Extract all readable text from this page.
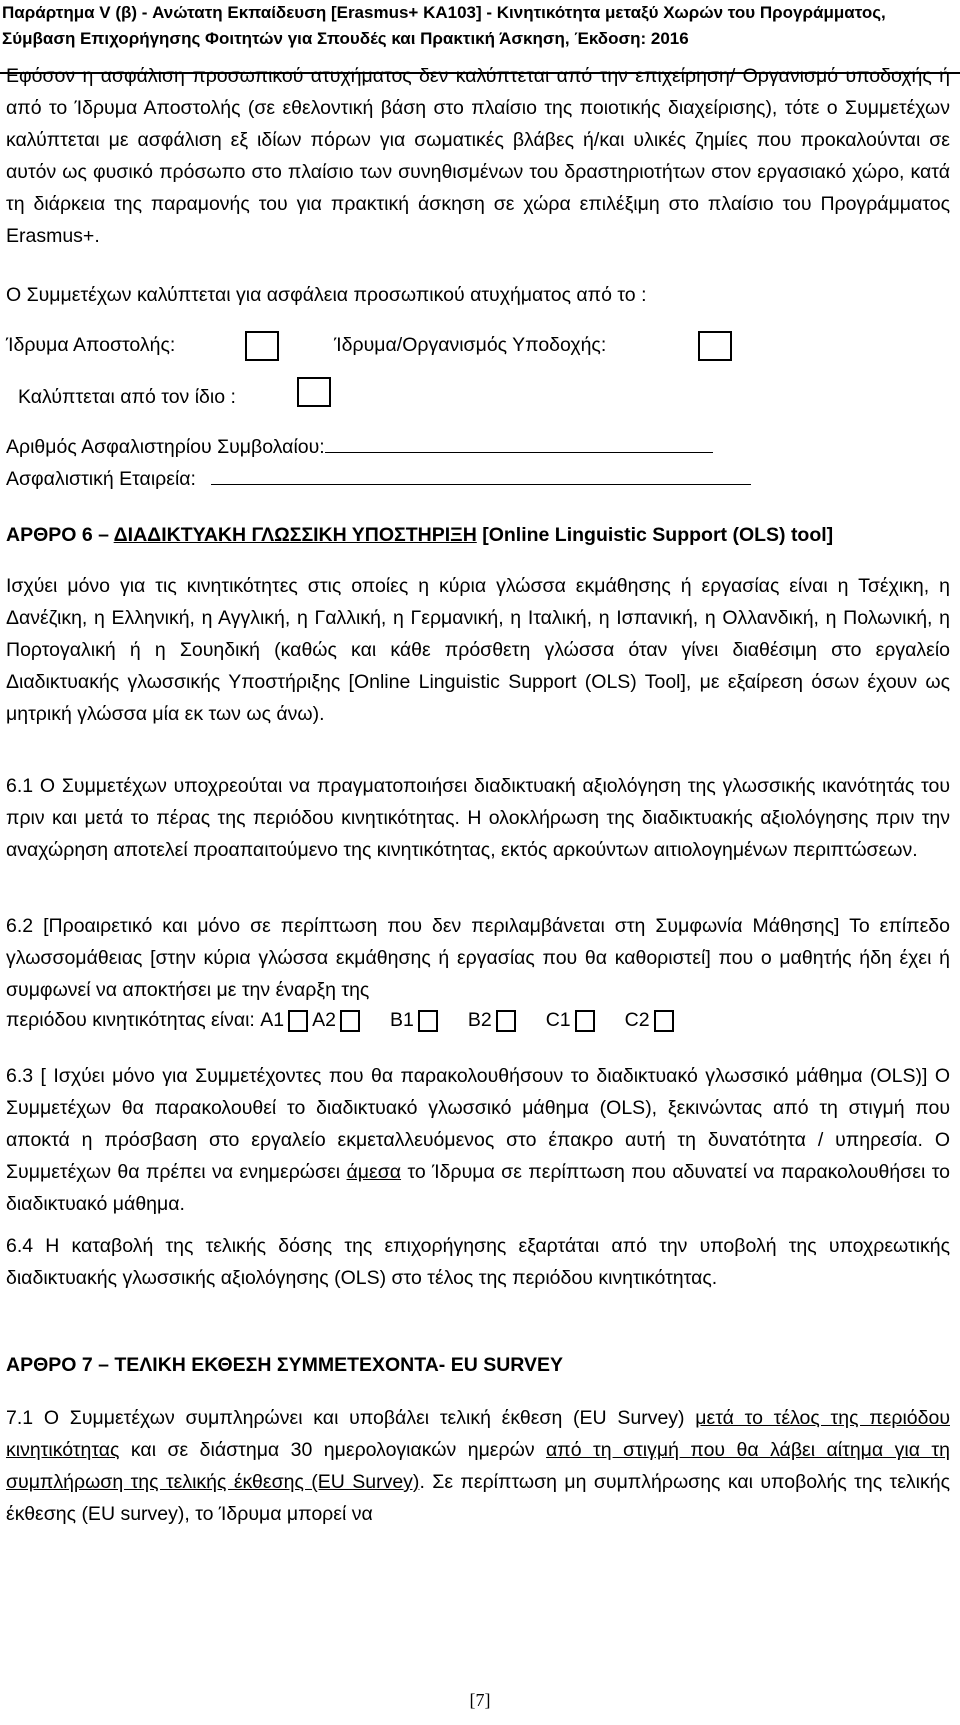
Παράρτημα V (β) - Ανώτατη Εκπαίδευση [Erasmus+ KA103] - Κινητικότητα μεταξύ Χωρών του Προγράμματος,
Σύμβαση Επιχορήγησης Φοιτητών για Σπουδές και Πρακτική Άσκηση, Έκδοση: 2016

Εφόσον η ασφάλιση προσωπικού ατυχήματος δεν καλύπτεται από την επιχείρηση/ Οργανισμό υποδοχής ή από το Ίδρυμα Αποστολής (σε εθελοντική βάση στο πλαίσιο της ποιοτικής διαχείρισης), τότε ο Συμμετέχων καλύπτεται με ασφάλιση εξ ιδίων πόρων για σωματικές βλάβες ή/και υλικές ζημίες που προκαλούνται σε αυτόν ως φυσικό πρόσωπο στο πλαίσιο των συνηθισμένων του δραστηριοτήτων στον εργασιακό χώρο, κατά τη διάρκεια της παραμονής του για πρακτική άσκηση σε χώρα επιλέξιμη στο πλαίσιο του Προγράμματος Erasmus+.

Ο Συμμετέχων καλύπτεται για ασφάλεια προσωπικού ατυχήματος από το :
Ίδρυμα Αποστολής:	Ίδρυμα/Οργανισμός Υποδοχής:
Καλύπτεται από τον ίδιο :
Αριθμός Ασφαλιστηρίου Συμβολαίου:
Ασφαλιστική Εταιρεία:
ΑΡΘΡΟ 6 – ΔΙΑΔΙΚΤΥΑΚΗ ΓΛΩΣΣΙΚΗ ΥΠΟΣΤΗΡΙΞΗ [Online Linguistic Support (OLS) tool]

Ισχύει μόνο για τις κινητικότητες στις οποίες η κύρια γλώσσα εκμάθησης ή εργασίας είναι η Τσέχικη, η Δανέζικη, η Ελληνική, η Αγγλική, η Γαλλική, η Γερμανική, η Ιταλική, η Ισπανική, η Ολλανδική, η Πολωνική, η Πορτογαλική ή η Σουηδική (καθώς και κάθε πρόσθετη γλώσσα όταν γίνει διαθέσιμη στο εργαλείο Διαδικτυακής γλωσσικής Υποστήριξης [Online Linguistic Support (OLS) Tool], με εξαίρεση όσων έχουν ως μητρική γλώσσα μία εκ των ως άνω).

6.1 Ο Συμμετέχων υποχρεούται να πραγματοποιήσει διαδικτυακή αξιολόγηση της γλωσσικής ικανότητάς του πριν και μετά το πέρας της περιόδου κινητικότητας. Η ολοκλήρωση της διαδικτυακής αξιολόγησης πριν την αναχώρηση αποτελεί προαπαιτούμενο της κινητικότητας, εκτός αρκούντων αιτιολογημένων περιπτώσεων.

6.2 [Προαιρετικό και μόνο σε περίπτωση που δεν περιλαμβάνεται στη Συμφωνία Μάθησης] Το επίπεδο γλωσσομάθειας [στην κύρια γλώσσα εκμάθησης ή εργασίας που θα καθοριστεί] που ο μαθητής ήδη έχει ή συμφωνεί να αποκτήσει με την έναρξη της

περιόδου κινητικότητας είναι: A1 A2	B1	B2	C1	C2

6.3 [ Ισχύει μόνο για Συμμετέχοντες που θα παρακολουθήσουν το διαδικτυακό γλωσσικό μάθημα (OLS)] Ο Συμμετέχων θα παρακολουθεί το διαδικτυακό γλωσσικό μάθημα (OLS), ξεκινώντας από τη στιγμή που αποκτά η πρόσβαση στο εργαλείο εκμεταλλευόμενος στο έπακρο αυτή τη δυνατότητα / υπηρεσία. Ο Συμμετέχων θα πρέπει να ενημερώσει άμεσα το Ίδρυμα σε περίπτωση που αδυνατεί να παρακολουθήσει το διαδικτυακό μάθημα.

6.4 Η καταβολή της τελικής δόσης της επιχορήγησης εξαρτάται από την υποβολή της υποχρεωτικής διαδικτυακής γλωσσικής αξιολόγησης (OLS) στο τέλος της περιόδου κινητικότητας.

ΑΡΘΡΟ 7 – ΤΕΛΙΚΗ ΕΚΘΕΣΗ ΣΥΜΜΕΤΕΧΟΝΤΑ- EU SURVEY

7.1 Ο Συμμετέχων συμπληρώνει και υποβάλει τελική έκθεση (EU Survey) μετά το τέλος της περιόδου κινητικότητας και σε διάστημα 30 ημερολογιακών ημερών από τη στιγμή που θα λάβει αίτημα για τη συμπλήρωση της τελικής έκθεσης (EU Survey). Σε περίπτωση μη συμπλήρωσης και υποβολής της τελικής έκθεσης (EU survey), το Ίδρυμα μπορεί να

[7]
